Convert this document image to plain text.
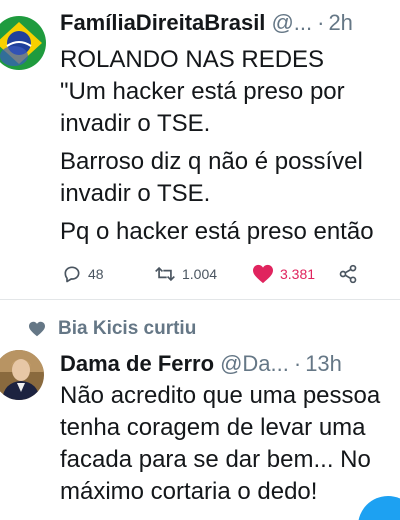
FamíliaDireitaBrasil @... · 2h
ROLANDO NAS REDES
"Um hacker está preso por
invadir o TSE.
Barroso diz q não é possível
invadir o TSE.
Pq o hacker está preso então
48	1.004	3.381
Bia Kicis curtiu
Dama de Ferro @Da... · 13h
Não acredito que uma pessoa
tenha coragem de levar uma
facada para se dar bem... No
máximo cortaria o dedo!
